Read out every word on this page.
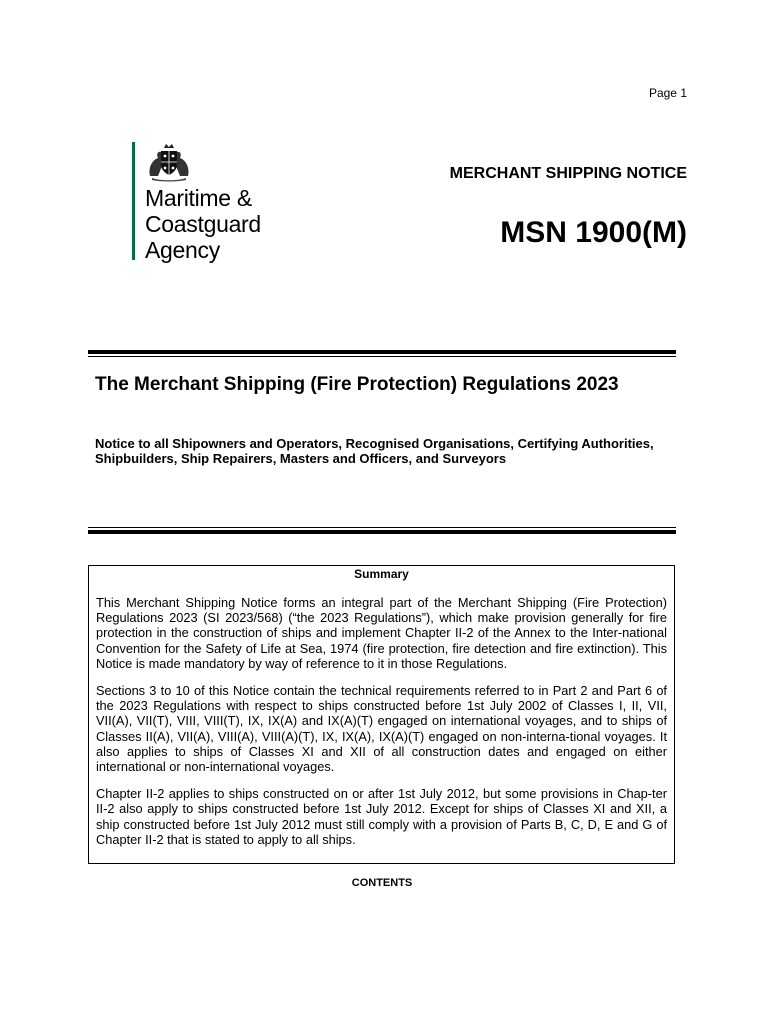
Page 1
Maritime &
Coastguard
Agency
MERCHANT SHIPPING NOTICE
MSN 1900(M)
The Merchant Shipping (Fire Protection) Regulations 2023
Notice to all Shipowners and Operators, Recognised Organisations, Certifying Authorities, Shipbuilders, Ship Repairers, Masters and Officers, and Surveyors
Summary

This Merchant Shipping Notice forms an integral part of the Merchant Shipping (Fire Protection) Regulations 2023 (SI 2023/568) (“the 2023 Regulations”), which make provision generally for fire protection in the construction of ships and implement Chapter II-2 of the Annex to the Inter-national Convention for the Safety of Life at Sea, 1974 (fire protection, fire detection and fire extinction). This Notice is made mandatory by way of reference to it in those Regulations.

Sections 3 to 10 of this Notice contain the technical requirements referred to in Part 2 and Part 6 of the 2023 Regulations with respect to ships constructed before 1st July 2002 of Classes I, II, VII, VII(A), VII(T), VIII, VIII(T), IX, IX(A) and IX(A)(T) engaged on international voyages, and to ships of Classes II(A), VII(A), VIII(A), VIII(A)(T), IX, IX(A), IX(A)(T) engaged on non-interna-tional voyages. It also applies to ships of Classes XI and XII of all construction dates and engaged on either international or non-international voyages.

Chapter II-2 applies to ships constructed on or after 1st July 2012, but some provisions in Chap-ter II-2 also apply to ships constructed before 1st July 2012. Except for ships of Classes XI and XII, a ship constructed before 1st July 2012 must still comply with a provision of Parts B, C, D, E and G of Chapter II-2 that is stated to apply to all ships.

CONTENTS
